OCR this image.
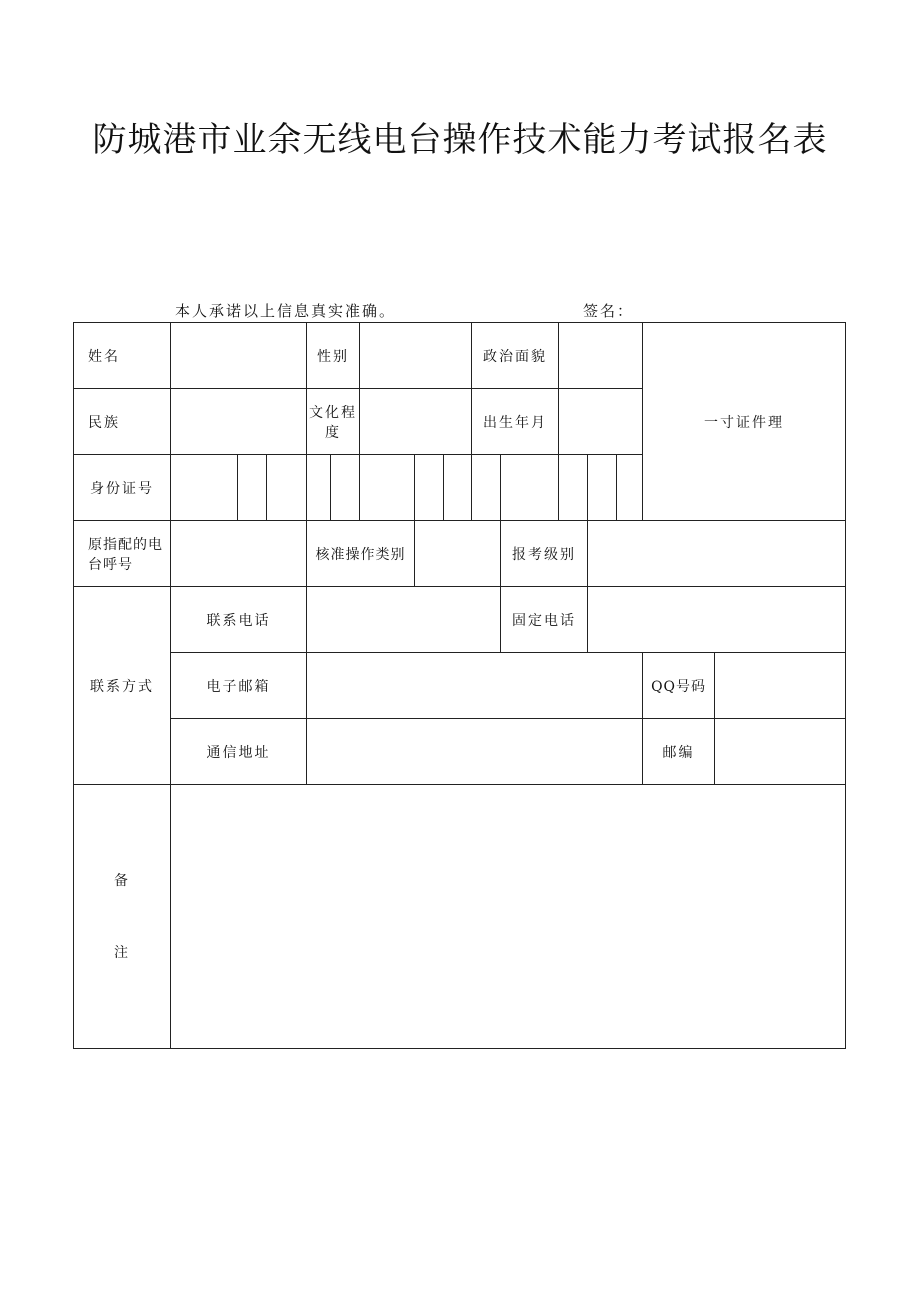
防城港市业余无线电台操作技术能力考试报名表
本人承诺以上信息真实准确。	签名：
姓名				性别					政治面貌					一寸证件理	
民族				文化程度					出生年月						
身份证号															
原指配的电台呼号				核准操作类别						报考级别					
联系方式	联系电话									固定电话					
	电子邮箱													QQ号码	
	通信地址													邮编	

备
注															
